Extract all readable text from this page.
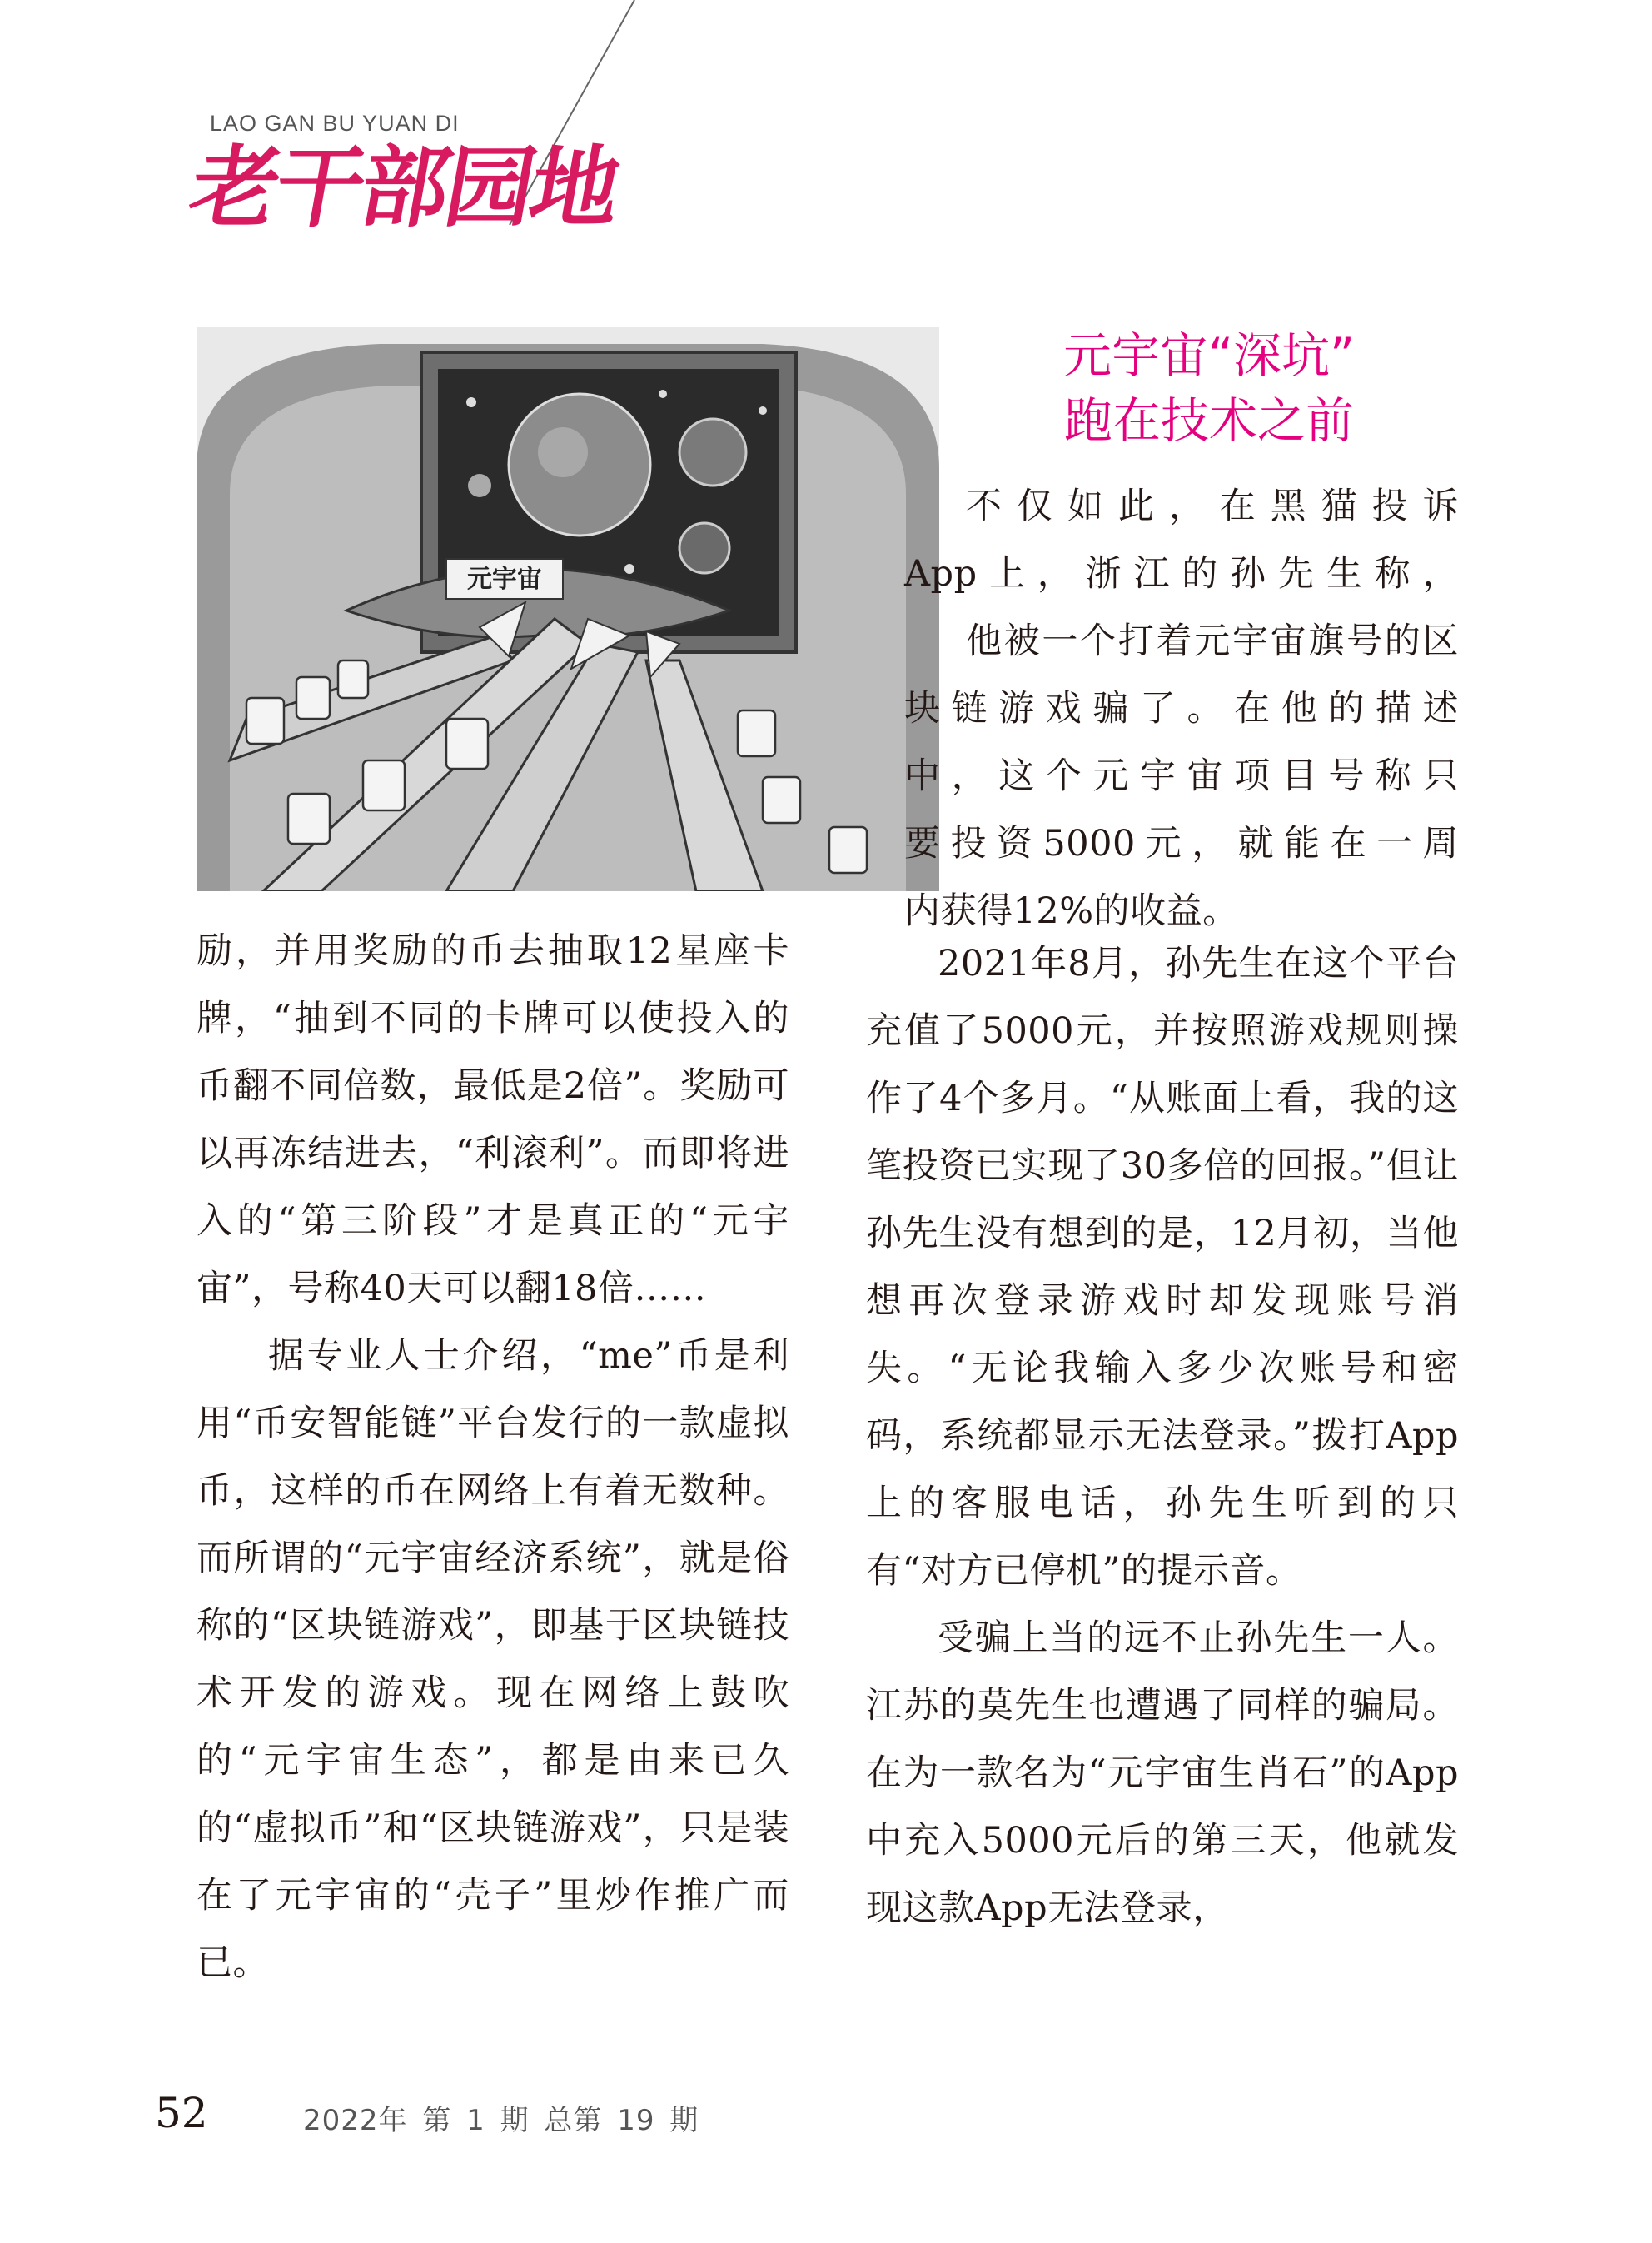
LAO GAN BU YUAN DI
老干部园地
元宇宙
元宇宙“深坑”
跑在技术之前

不仅如此，在黑猫投诉

App上，浙江的孙先生称，

他被一个打着元宇宙旗号的区

块链游戏骗了。在他的描述

中，这个元宇宙项目号称只

要投资5000元，就能在一周

内获得12%的收益。

2021年8月，孙先生在这个平台充值了5000元，并按照游戏规则操作了4个多月。“从账面上看，我的这笔投资已实现了30多倍的回报。”但让孙先生没有想到的是，12月初，当他想再次登录游戏时却发现账号消失。“无论我输入多少次账号和密码，系统都显示无法登录。”拨打App上的客服电话，孙先生听到的只有“对方已停机”的提示音。

受骗上当的远不止孙先生一人。江苏的莫先生也遭遇了同样的骗局。在为一款名为“元宇宙生肖石”的App中充入5000元后的第三天，他就发现这款App无法登录，

励，并用奖励的币去抽取12星座卡牌，“抽到不同的卡牌可以使投入的币翻不同倍数，最低是2倍”。奖励可以再冻结进去，“利滚利”。而即将进入的“第三阶段”才是真正的“元宇宙”，号称40天可以翻18倍……

据专业人士介绍，“me”币是利用“币安智能链”平台发行的一款虚拟币，这样的币在网络上有着无数种。而所谓的“元宇宙经济系统”，就是俗称的“区块链游戏”，即基于区块链技术开发的游戏。现在网络上鼓吹的“元宇宙生态”，都是由来已久的“虚拟币”和“区块链游戏”，只是装在了元宇宙的“壳子”里炒作推广而已。

52	2022年 第 1 期 总第 19 期
